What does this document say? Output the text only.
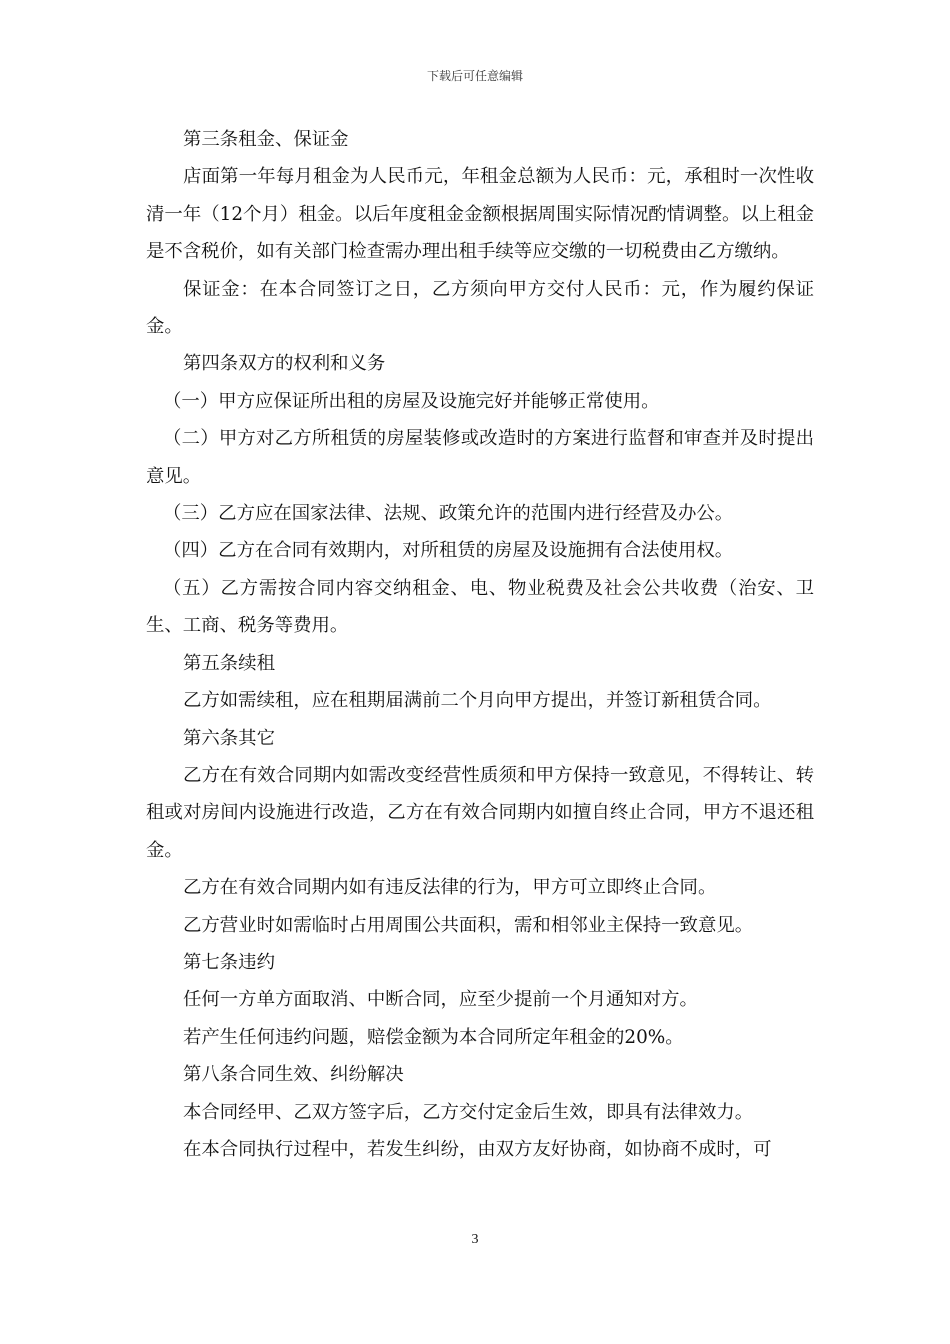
下载后可任意编辑

第三条租金、保证金

店面第一年每月租金为人民币元，年租金总额为人民币：元，承租时一次性收清一年（12个月）租金。以后年度租金金额根据周围实际情况酌情调整。以上租金是不含税价，如有关部门检查需办理出租手续等应交缴的一切税费由乙方缴纳。

保证金：在本合同签订之日，乙方须向甲方交付人民币：元，作为履约保证金。

第四条双方的权利和义务

（一）甲方应保证所出租的房屋及设施完好并能够正常使用。

（二）甲方对乙方所租赁的房屋装修或改造时的方案进行监督和审查并及时提出意见。

（三）乙方应在国家法律、法规、政策允许的范围内进行经营及办公。

（四）乙方在合同有效期内，对所租赁的房屋及设施拥有合法使用权。

（五）乙方需按合同内容交纳租金、电、物业税费及社会公共收费（治安、卫生、工商、税务等费用。

第五条续租

乙方如需续租，应在租期届满前二个月向甲方提出，并签订新租赁合同。

第六条其它

乙方在有效合同期内如需改变经营性质须和甲方保持一致意见，不得转让、转租或对房间内设施进行改造，乙方在有效合同期内如擅自终止合同，甲方不退还租金。

乙方在有效合同期内如有违反法律的行为，甲方可立即终止合同。

乙方营业时如需临时占用周围公共面积，需和相邻业主保持一致意见。

第七条违约

任何一方单方面取消、中断合同，应至少提前一个月通知对方。

若产生任何违约问题，赔偿金额为本合同所定年租金的20%。

第八条合同生效、纠纷解决

本合同经甲、乙双方签字后，乙方交付定金后生效，即具有法律效力。

在本合同执行过程中，若发生纠纷，由双方友好协商，如协商不成时，可

3
